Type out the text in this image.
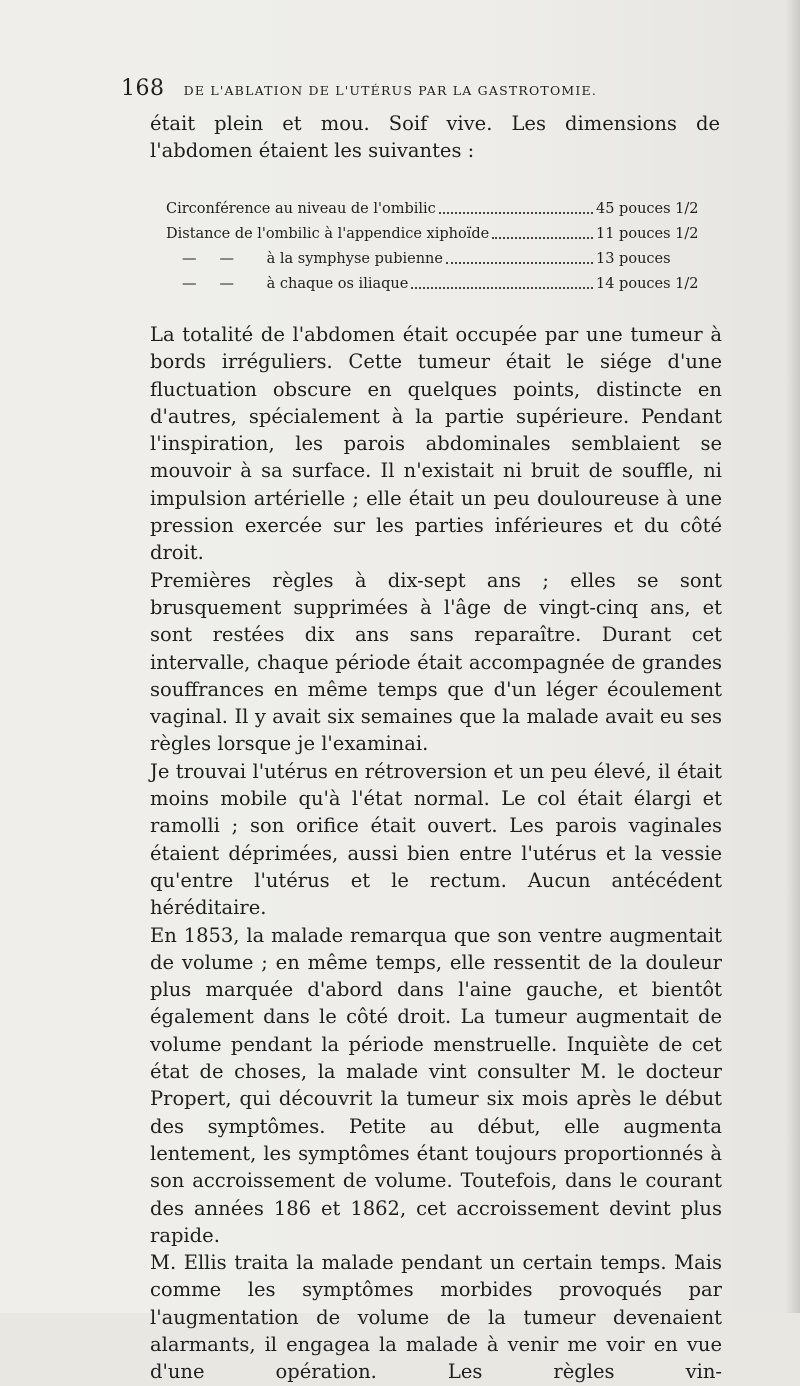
168 DE L'ABLATION DE L'UTÉRUS PAR LA GASTROTOMIE.

était plein et mou. Soif vive. Les dimensions de l'abdomen étaient les suivantes :

Circonférence au niveau de l'ombilic	45 pouces 1/2
Distance de l'ombilic à l'appendice xiphoïde	11 pouces 1/2
—     — à la symphyse pubienne	13 pouces
—     — à chaque os iliaque	14 pouces 1/2

La totalité de l'abdomen était occupée par une tumeur à bords irréguliers. Cette tumeur était le siége d'une fluctuation obscure en quelques points, distincte en d'autres, spécialement à la partie supérieure. Pendant l'inspiration, les parois abdominales semblaient se mouvoir à sa surface. Il n'existait ni bruit de souffle, ni impulsion artérielle ; elle était un peu douloureuse à une pression exercée sur les parties inférieures et du côté droit.

Premières règles à dix-sept ans ; elles se sont brusquement supprimées à l'âge de vingt-cinq ans, et sont restées dix ans sans reparaître. Durant cet intervalle, chaque période était accompagnée de grandes souffrances en même temps que d'un léger écoulement vaginal. Il y avait six semaines que la malade avait eu ses règles lorsque je l'examinai.

Je trouvai l'utérus en rétroversion et un peu élevé, il était moins mobile qu'à l'état normal. Le col était élargi et ramolli ; son orifice était ouvert. Les parois vaginales étaient déprimées, aussi bien entre l'utérus et la vessie qu'entre l'utérus et le rectum. Aucun antécédent héréditaire.

En 1853, la malade remarqua que son ventre augmentait de volume ; en même temps, elle ressentit de la douleur plus marquée d'abord dans l'aine gauche, et bientôt également dans le côté droit. La tumeur augmentait de volume pendant la période menstruelle. Inquiète de cet état de choses, la malade vint consulter M. le docteur Propert, qui découvrit la tumeur six mois après le début des symptômes. Petite au début, elle augmenta lentement, les symptômes étant toujours proportionnés à son accroissement de volume. Toutefois, dans le courant des années 186 et 1862, cet accroissement devint plus rapide.

M. Ellis traita la malade pendant un certain temps. Mais comme les symptômes morbides provoqués par l'augmentation de volume de la tumeur devenaient alarmants, il engagea la malade à venir me voir en vue d'une opération. Les règles vin-
